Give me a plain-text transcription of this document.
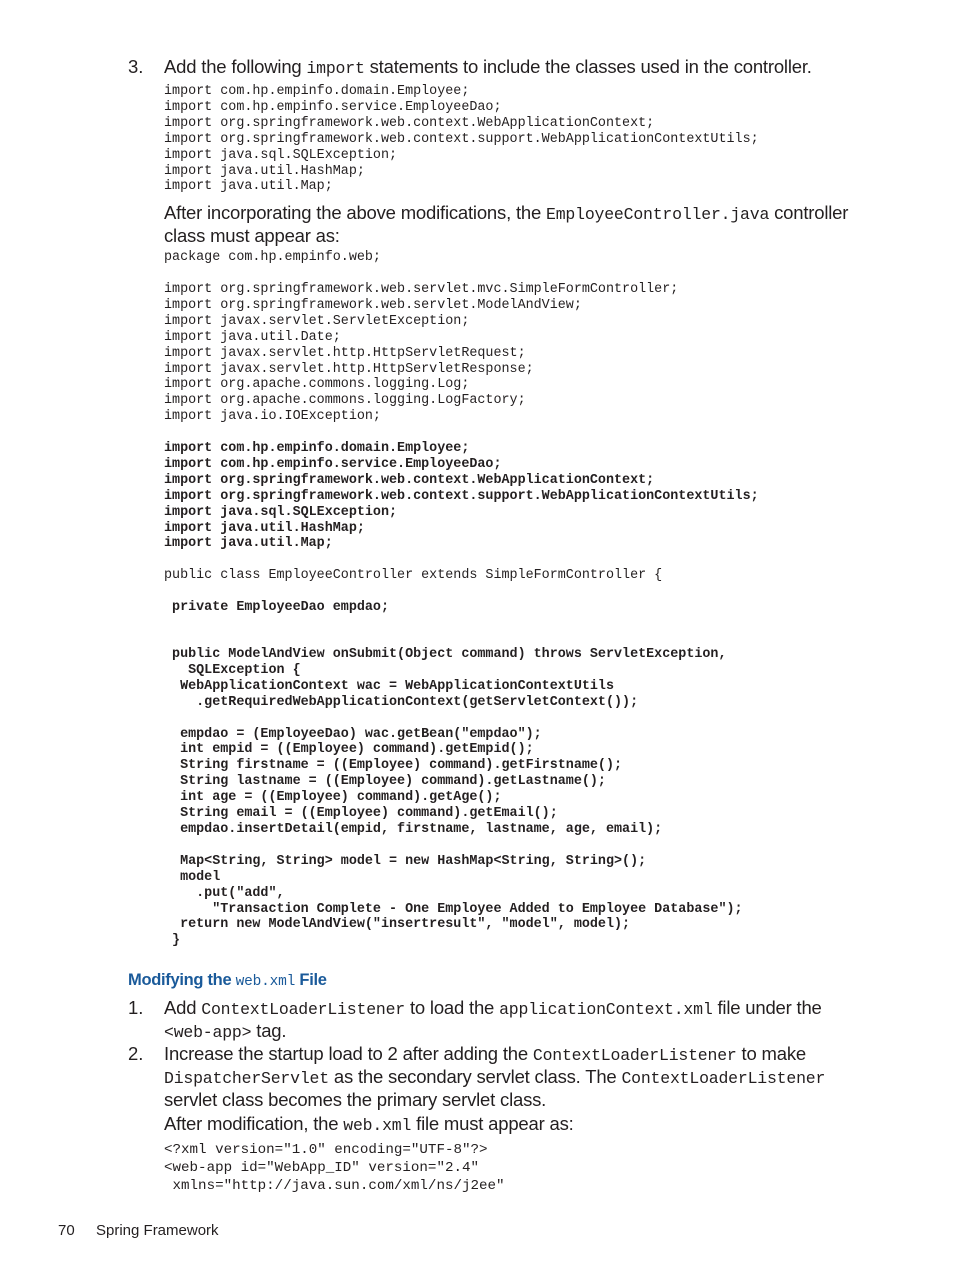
3. Add the following import statements to include the classes used in the controller.
import com.hp.empinfo.domain.Employee;
import com.hp.empinfo.service.EmployeeDao;
import org.springframework.web.context.WebApplicationContext;
import org.springframework.web.context.support.WebApplicationContextUtils;
import java.sql.SQLException;
import java.util.HashMap;
import java.util.Map;
After incorporating the above modifications, the EmployeeController.java controller class must appear as:
package com.hp.empinfo.web;
import org.springframework.web.servlet.mvc.SimpleFormController;
import org.springframework.web.servlet.ModelAndView;
import javax.servlet.ServletException;
import java.util.Date;
import javax.servlet.http.HttpServletRequest;
import javax.servlet.http.HttpServletResponse;
import org.apache.commons.logging.Log;
import org.apache.commons.logging.LogFactory;
import java.io.IOException;
import com.hp.empinfo.domain.Employee;
import com.hp.empinfo.service.EmployeeDao;
import org.springframework.web.context.WebApplicationContext;
import org.springframework.web.context.support.WebApplicationContextUtils;
import java.sql.SQLException;
import java.util.HashMap;
import java.util.Map;
public class EmployeeController extends SimpleFormController {
private EmployeeDao empdao;
public ModelAndView onSubmit(Object command) throws ServletException,
SQLException {
WebApplicationContext wac = WebApplicationContextUtils
.getRequiredWebApplicationContext(getServletContext());

empdao = (EmployeeDao) wac.getBean("empdao");
int empid = ((Employee) command).getEmpid();
String firstname = ((Employee) command).getFirstname();
String lastname = ((Employee) command).getLastname();
int age = ((Employee) command).getAge();
String email = ((Employee) command).getEmail();
empdao.insertDetail(empid, firstname, lastname, age, email);

Map<String, String> model = new HashMap<String, String>();
model
.put("add",
"Transaction Complete - One Employee Added to Employee Database");
return new ModelAndView("insertresult", "model", model);
}
Modifying the web.xml File
1. Add ContextLoaderListener to load the applicationContext.xml file under the <web-app> tag.
2. Increase the startup load to 2 after adding the ContextLoaderListener to make DispatcherServlet as the secondary servlet class. The ContextLoaderListener servlet class becomes the primary servlet class.
After modification, the web.xml file must appear as:
<?xml version="1.0" encoding="UTF-8"?>
<web-app id="WebApp_ID" version="2.4"
xmlns="http://java.sun.com/xml/ns/j2ee"
70 Spring Framework
